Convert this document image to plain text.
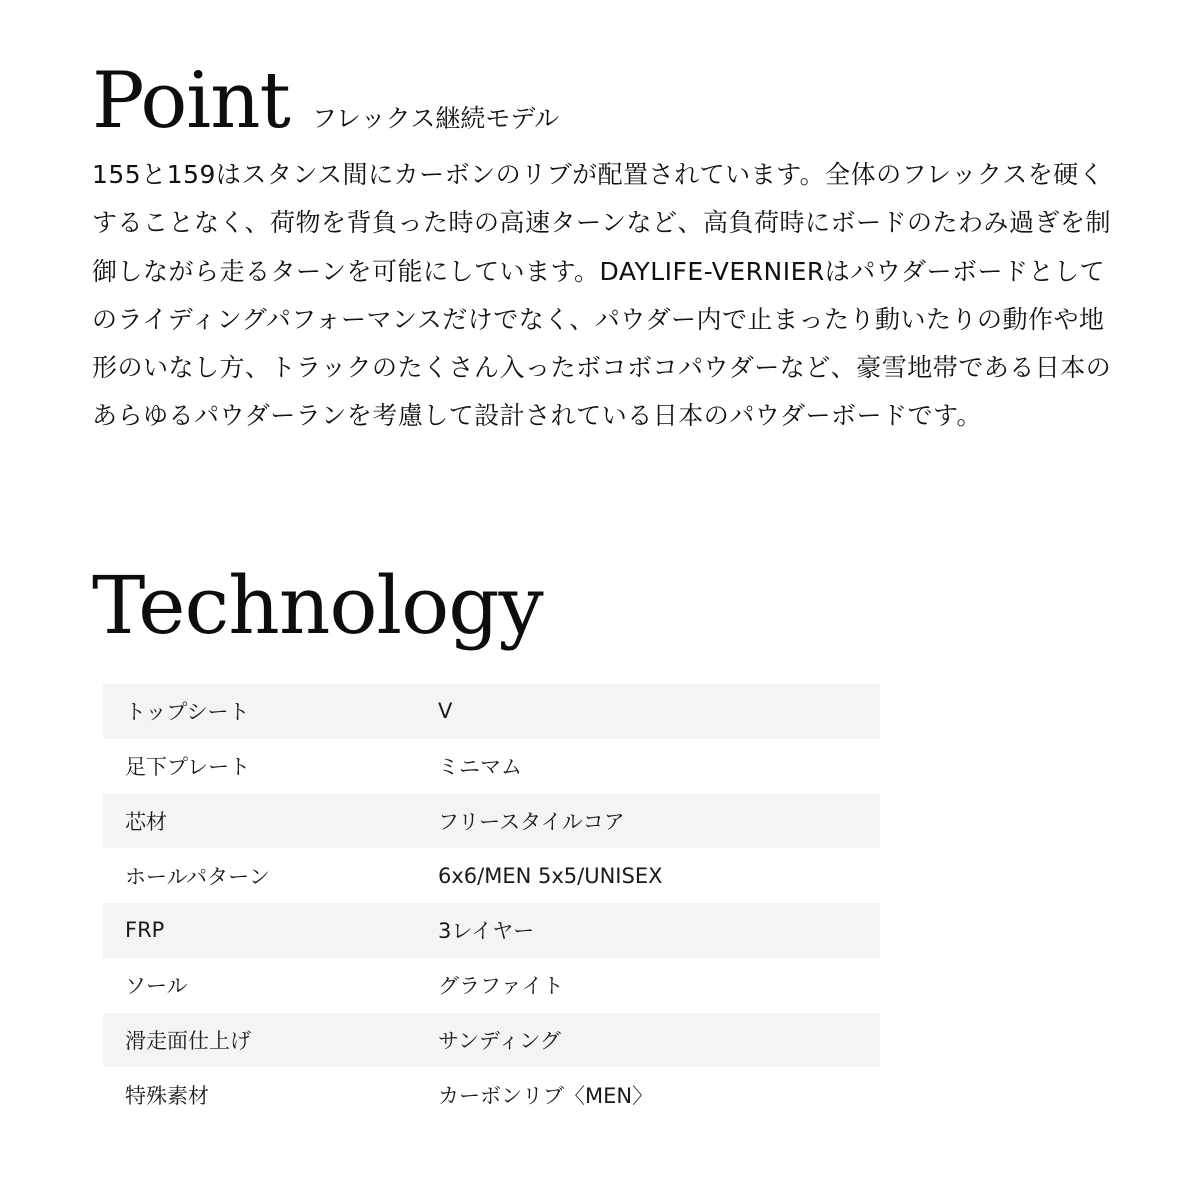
Point フレックス継続モデル

155と159はスタンス間にカーボンのリブが配置されています。全体のフレックスを硬くすることなく、荷物を背負った時の高速ターンなど、高負荷時にボードのたわみ過ぎを制御しながら走るターンを可能にしています。DAYLIFE-VERNIERはパウダーボードとしてのライディングパフォーマンスだけでなく、パウダー内で止まったり動いたりの動作や地形のいなし方、トラックのたくさん入ったボコボコパウダーなど、豪雪地帯である日本のあらゆるパウダーランを考慮して設計されている日本のパウダーボードです。

Technology
トップシート	V
足下プレート	ミニマム
芯材	フリースタイルコア
ホールパターン	6x6/MEN 5x5/UNISEX
FRP	3レイヤー
ソール	グラファイト
滑走面仕上げ	サンディング
特殊素材	カーボンリブ〈MEN〉
